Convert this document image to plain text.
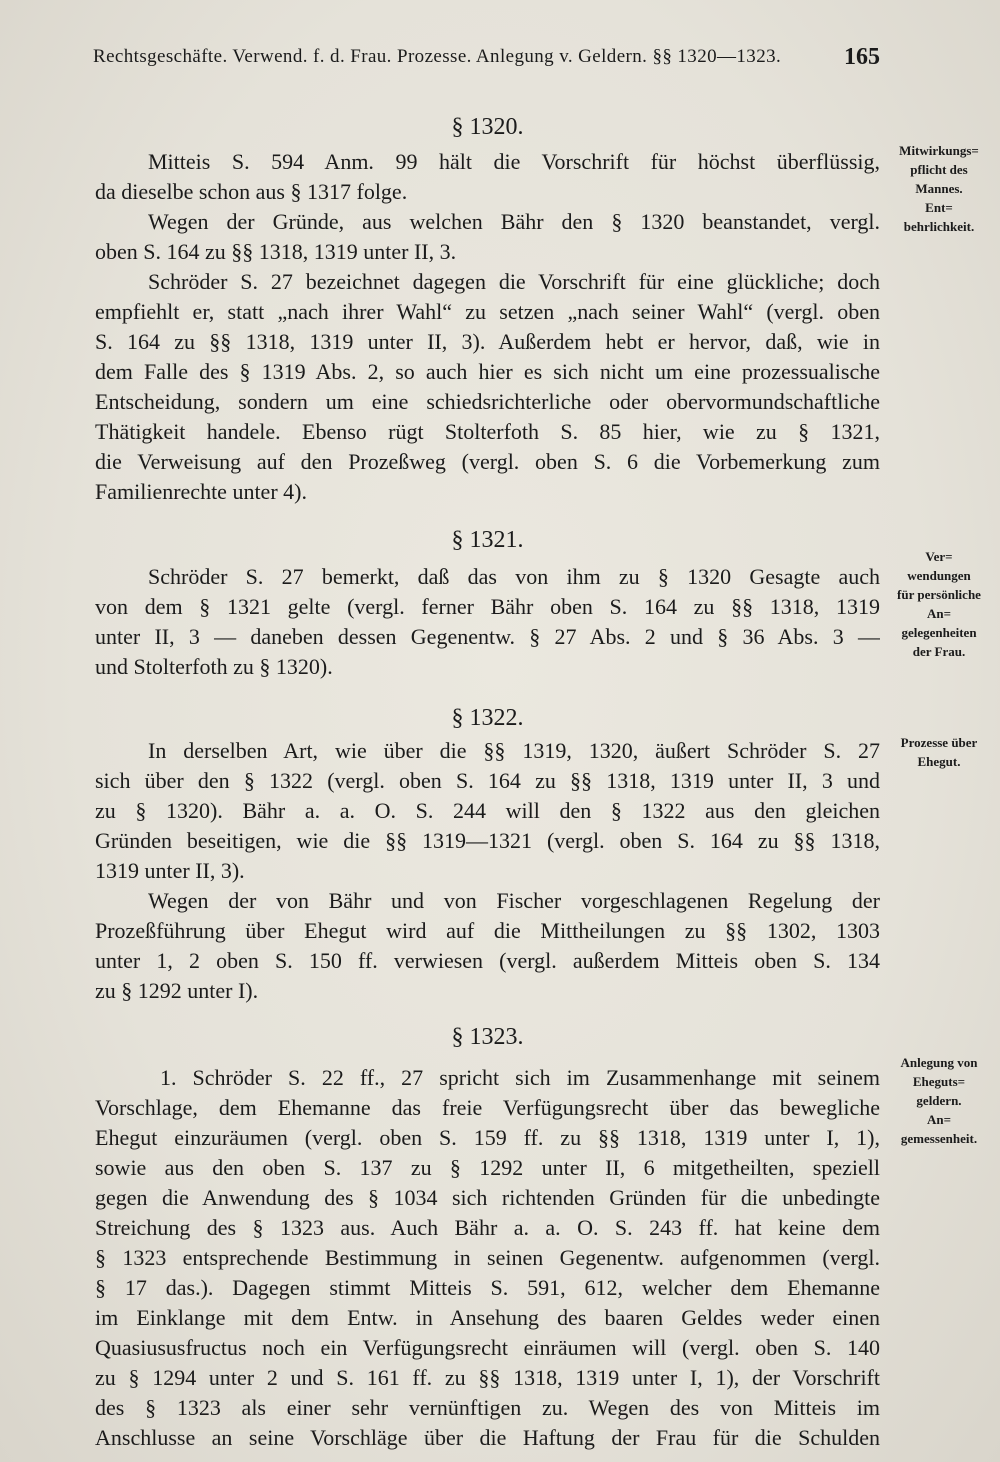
Rechtsgeschäfte. Verwend. f. d. Frau. Prozesse. Anlegung v. Geldern. §§ 1320—1323.	165
§ 1320.
Mitteis S. 594 Anm. 99 hält die Vorschrift für höchst überflüssig,
da dieselbe schon aus § 1317 folge.
Wegen der Gründe, aus welchen Bähr den § 1320 beanstandet, vergl.
oben S. 164 zu §§ 1318, 1319 unter II, 3.
Schröder S. 27 bezeichnet dagegen die Vorschrift für eine glückliche; doch
empfiehlt er, statt „nach ihrer Wahl“ zu setzen „nach seiner Wahl“ (vergl. oben
S. 164 zu §§ 1318, 1319 unter II, 3). Außerdem hebt er hervor, daß, wie in
dem Falle des § 1319 Abs. 2, so auch hier es sich nicht um eine prozessualische
Entscheidung, sondern um eine schiedsrichterliche oder obervormundschaftliche
Thätigkeit handele. Ebenso rügt Stolterfoth S. 85 hier, wie zu § 1321,
die Verweisung auf den Prozeßweg (vergl. oben S. 6 die Vorbemerkung zum
Familienrechte unter 4).
Mitwirkungs=
pflicht des
Mannes.
Ent=
behrlichkeit.
§ 1321.
Schröder S. 27 bemerkt, daß das von ihm zu § 1320 Gesagte auch
von dem § 1321 gelte (vergl. ferner Bähr oben S. 164 zu §§ 1318, 1319
unter II, 3 — daneben dessen Gegenentw. § 27 Abs. 2 und § 36 Abs. 3 —
und Stolterfoth zu § 1320).
Ver=
wendungen
für persönliche
An=
gelegenheiten
der Frau.
§ 1322.
In derselben Art, wie über die §§ 1319, 1320, äußert Schröder S. 27
sich über den § 1322 (vergl. oben S. 164 zu §§ 1318, 1319 unter II, 3 und
zu § 1320). Bähr a. a. O. S. 244 will den § 1322 aus den gleichen
Gründen beseitigen, wie die §§ 1319—1321 (vergl. oben S. 164 zu §§ 1318,
1319 unter II, 3).
Wegen der von Bähr und von Fischer vorgeschlagenen Regelung der
Prozeßführung über Ehegut wird auf die Mittheilungen zu §§ 1302, 1303
unter 1, 2 oben S. 150 ff. verwiesen (vergl. außerdem Mitteis oben S. 134
zu § 1292 unter I).
Prozesse über
Ehegut.
§ 1323.
1. Schröder S. 22 ff., 27 spricht sich im Zusammenhange mit seinem
Vorschlage, dem Ehemanne das freie Verfügungsrecht über das bewegliche
Ehegut einzuräumen (vergl. oben S. 159 ff. zu §§ 1318, 1319 unter I, 1),
sowie aus den oben S. 137 zu § 1292 unter II, 6 mitgetheilten, speziell
gegen die Anwendung des § 1034 sich richtenden Gründen für die unbedingte
Streichung des § 1323 aus. Auch Bähr a. a. O. S. 243 ff. hat keine dem
§ 1323 entsprechende Bestimmung in seinen Gegenentw. aufgenommen (vergl.
§ 17 das.). Dagegen stimmt Mitteis S. 591, 612, welcher dem Ehemanne
im Einklange mit dem Entw. in Ansehung des baaren Geldes weder einen
Quasiususfructus noch ein Verfügungsrecht einräumen will (vergl. oben S. 140
zu § 1294 unter 2 und S. 161 ff. zu §§ 1318, 1319 unter I, 1), der Vorschrift
des § 1323 als einer sehr vernünftigen zu. Wegen des von Mitteis im
Anschlusse an seine Vorschläge über die Haftung der Frau für die Schulden
Anlegung von
Eheguts=
geldern.
An=
gemessenheit.
